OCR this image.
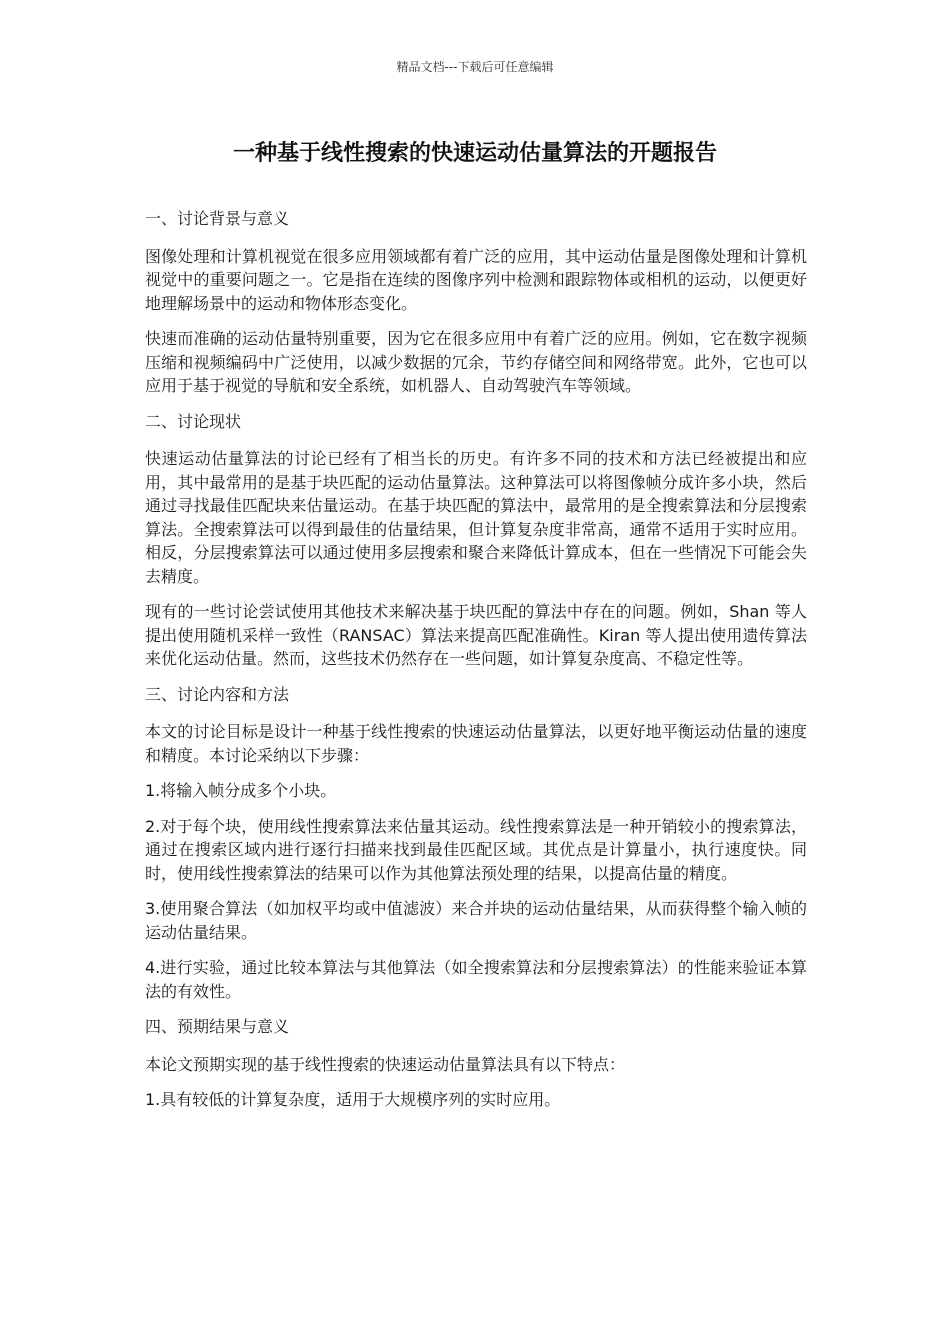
精品文档---下载后可任意编辑
一种基于线性搜索的快速运动估量算法的开题报告

一、讨论背景与意义

图像处理和计算机视觉在很多应用领域都有着广泛的应用，其中运动估量是图像处理和计算机视觉中的重要问题之一。它是指在连续的图像序列中检测和跟踪物体或相机的运动，以便更好地理解场景中的运动和物体形态变化。

快速而准确的运动估量特别重要，因为它在很多应用中有着广泛的应用。例如，它在数字视频压缩和视频编码中广泛使用，以减少数据的冗余，节约存储空间和网络带宽。此外，它也可以应用于基于视觉的导航和安全系统，如机器人、自动驾驶汽车等领域。

二、讨论现状

快速运动估量算法的讨论已经有了相当长的历史。有许多不同的技术和方法已经被提出和应用，其中最常用的是基于块匹配的运动估量算法。这种算法可以将图像帧分成许多小块，然后通过寻找最佳匹配块来估量运动。在基于块匹配的算法中，最常用的是全搜索算法和分层搜索算法。全搜索算法可以得到最佳的估量结果，但计算复杂度非常高，通常不适用于实时应用。相反，分层搜索算法可以通过使用多层搜索和聚合来降低计算成本，但在一些情况下可能会失去精度。

现有的一些讨论尝试使用其他技术来解决基于块匹配的算法中存在的问题。例如，Shan 等人提出使用随机采样一致性（RANSAC）算法来提高匹配准确性。Kiran 等人提出使用遗传算法来优化运动估量。然而，这些技术仍然存在一些问题，如计算复杂度高、不稳定性等。

三、讨论内容和方法

本文的讨论目标是设计一种基于线性搜索的快速运动估量算法，以更好地平衡运动估量的速度和精度。本讨论采纳以下步骤：

1.将输入帧分成多个小块。

2.对于每个块，使用线性搜索算法来估量其运动。线性搜索算法是一种开销较小的搜索算法，通过在搜索区域内进行逐行扫描来找到最佳匹配区域。其优点是计算量小，执行速度快。同时，使用线性搜索算法的结果可以作为其他算法预处理的结果，以提高估量的精度。

3.使用聚合算法（如加权平均或中值滤波）来合并块的运动估量结果，从而获得整个输入帧的运动估量结果。

4.进行实验，通过比较本算法与其他算法（如全搜索算法和分层搜索算法）的性能来验证本算法的有效性。

四、预期结果与意义

本论文预期实现的基于线性搜索的快速运动估量算法具有以下特点：

1.具有较低的计算复杂度，适用于大规模序列的实时应用。
